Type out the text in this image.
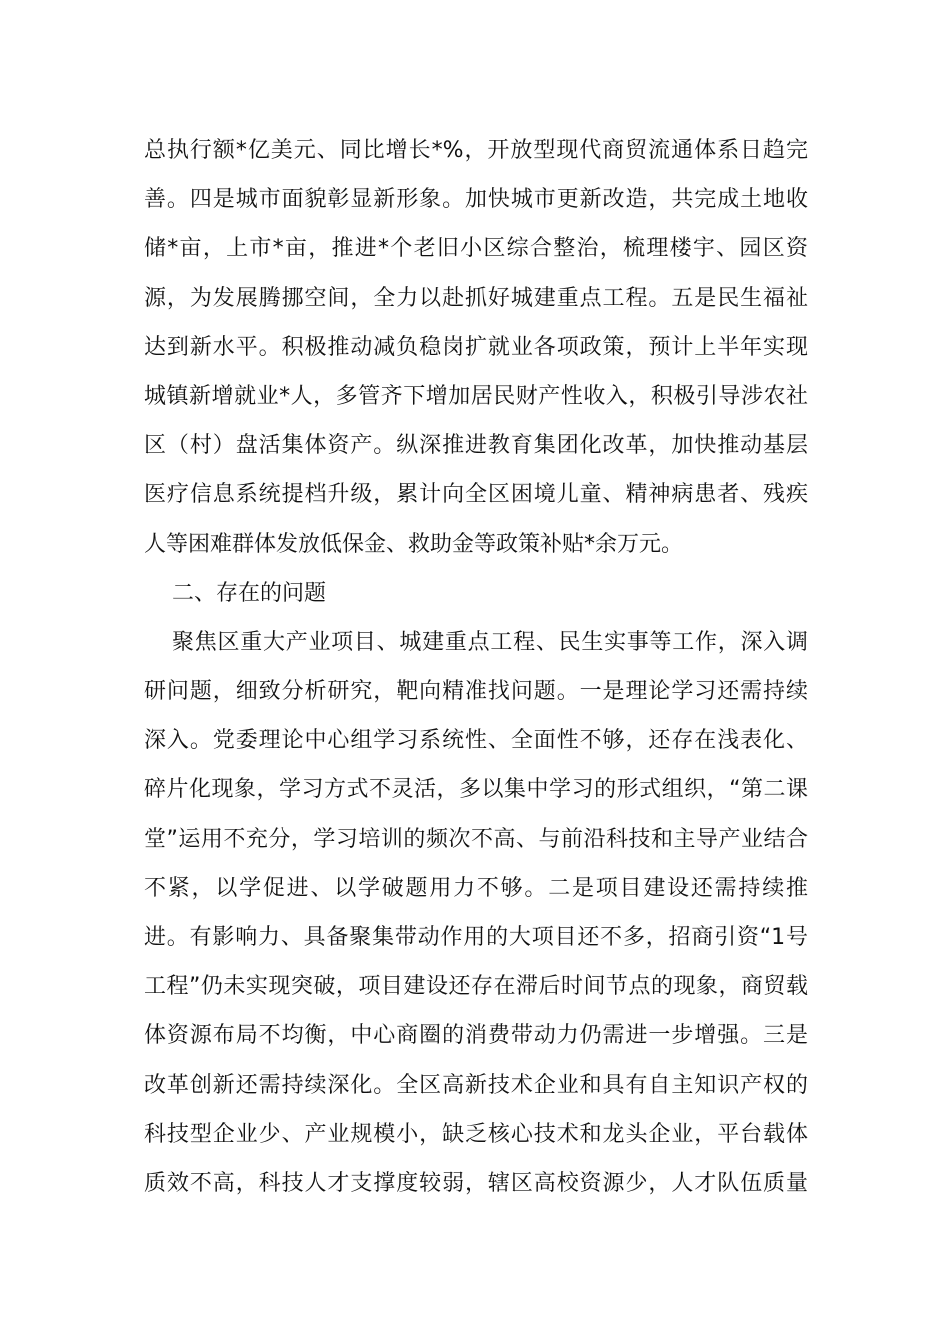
总执行额*亿美元、同比增长*%，开放型现代商贸流通体系日趋完
善。四是城市面貌彰显新形象。加快城市更新改造，共完成土地收
储*亩，上市*亩，推进*个老旧小区综合整治，梳理楼宇、园区资
源，为发展腾挪空间，全力以赴抓好城建重点工程。五是民生福祉
达到新水平。积极推动减负稳岗扩就业各项政策，预计上半年实现
城镇新增就业*人，多管齐下增加居民财产性收入，积极引导涉农社
区（村）盘活集体资产。纵深推进教育集团化改革，加快推动基层
医疗信息系统提档升级，累计向全区困境儿童、精神病患者、残疾
人等困难群体发放低保金、救助金等政策补贴*余万元。
二、存在的问题
聚焦区重大产业项目、城建重点工程、民生实事等工作，深入调
研问题，细致分析研究，靶向精准找问题。一是理论学习还需持续
深入。党委理论中心组学习系统性、全面性不够，还存在浅表化、
碎片化现象，学习方式不灵活，多以集中学习的形式组织，“第二课
堂”运用不充分，学习培训的频次不高、与前沿科技和主导产业结合
不紧，以学促进、以学破题用力不够。二是项目建设还需持续推
进。有影响力、具备聚集带动作用的大项目还不多，招商引资“1号
工程”仍未实现突破，项目建设还存在滞后时间节点的现象，商贸载
体资源布局不均衡，中心商圈的消费带动力仍需进一步增强。三是
改革创新还需持续深化。全区高新技术企业和具有自主知识产权的
科技型企业少、产业规模小，缺乏核心技术和龙头企业，平台载体
质效不高，科技人才支撑度较弱，辖区高校资源少，人才队伍质量
